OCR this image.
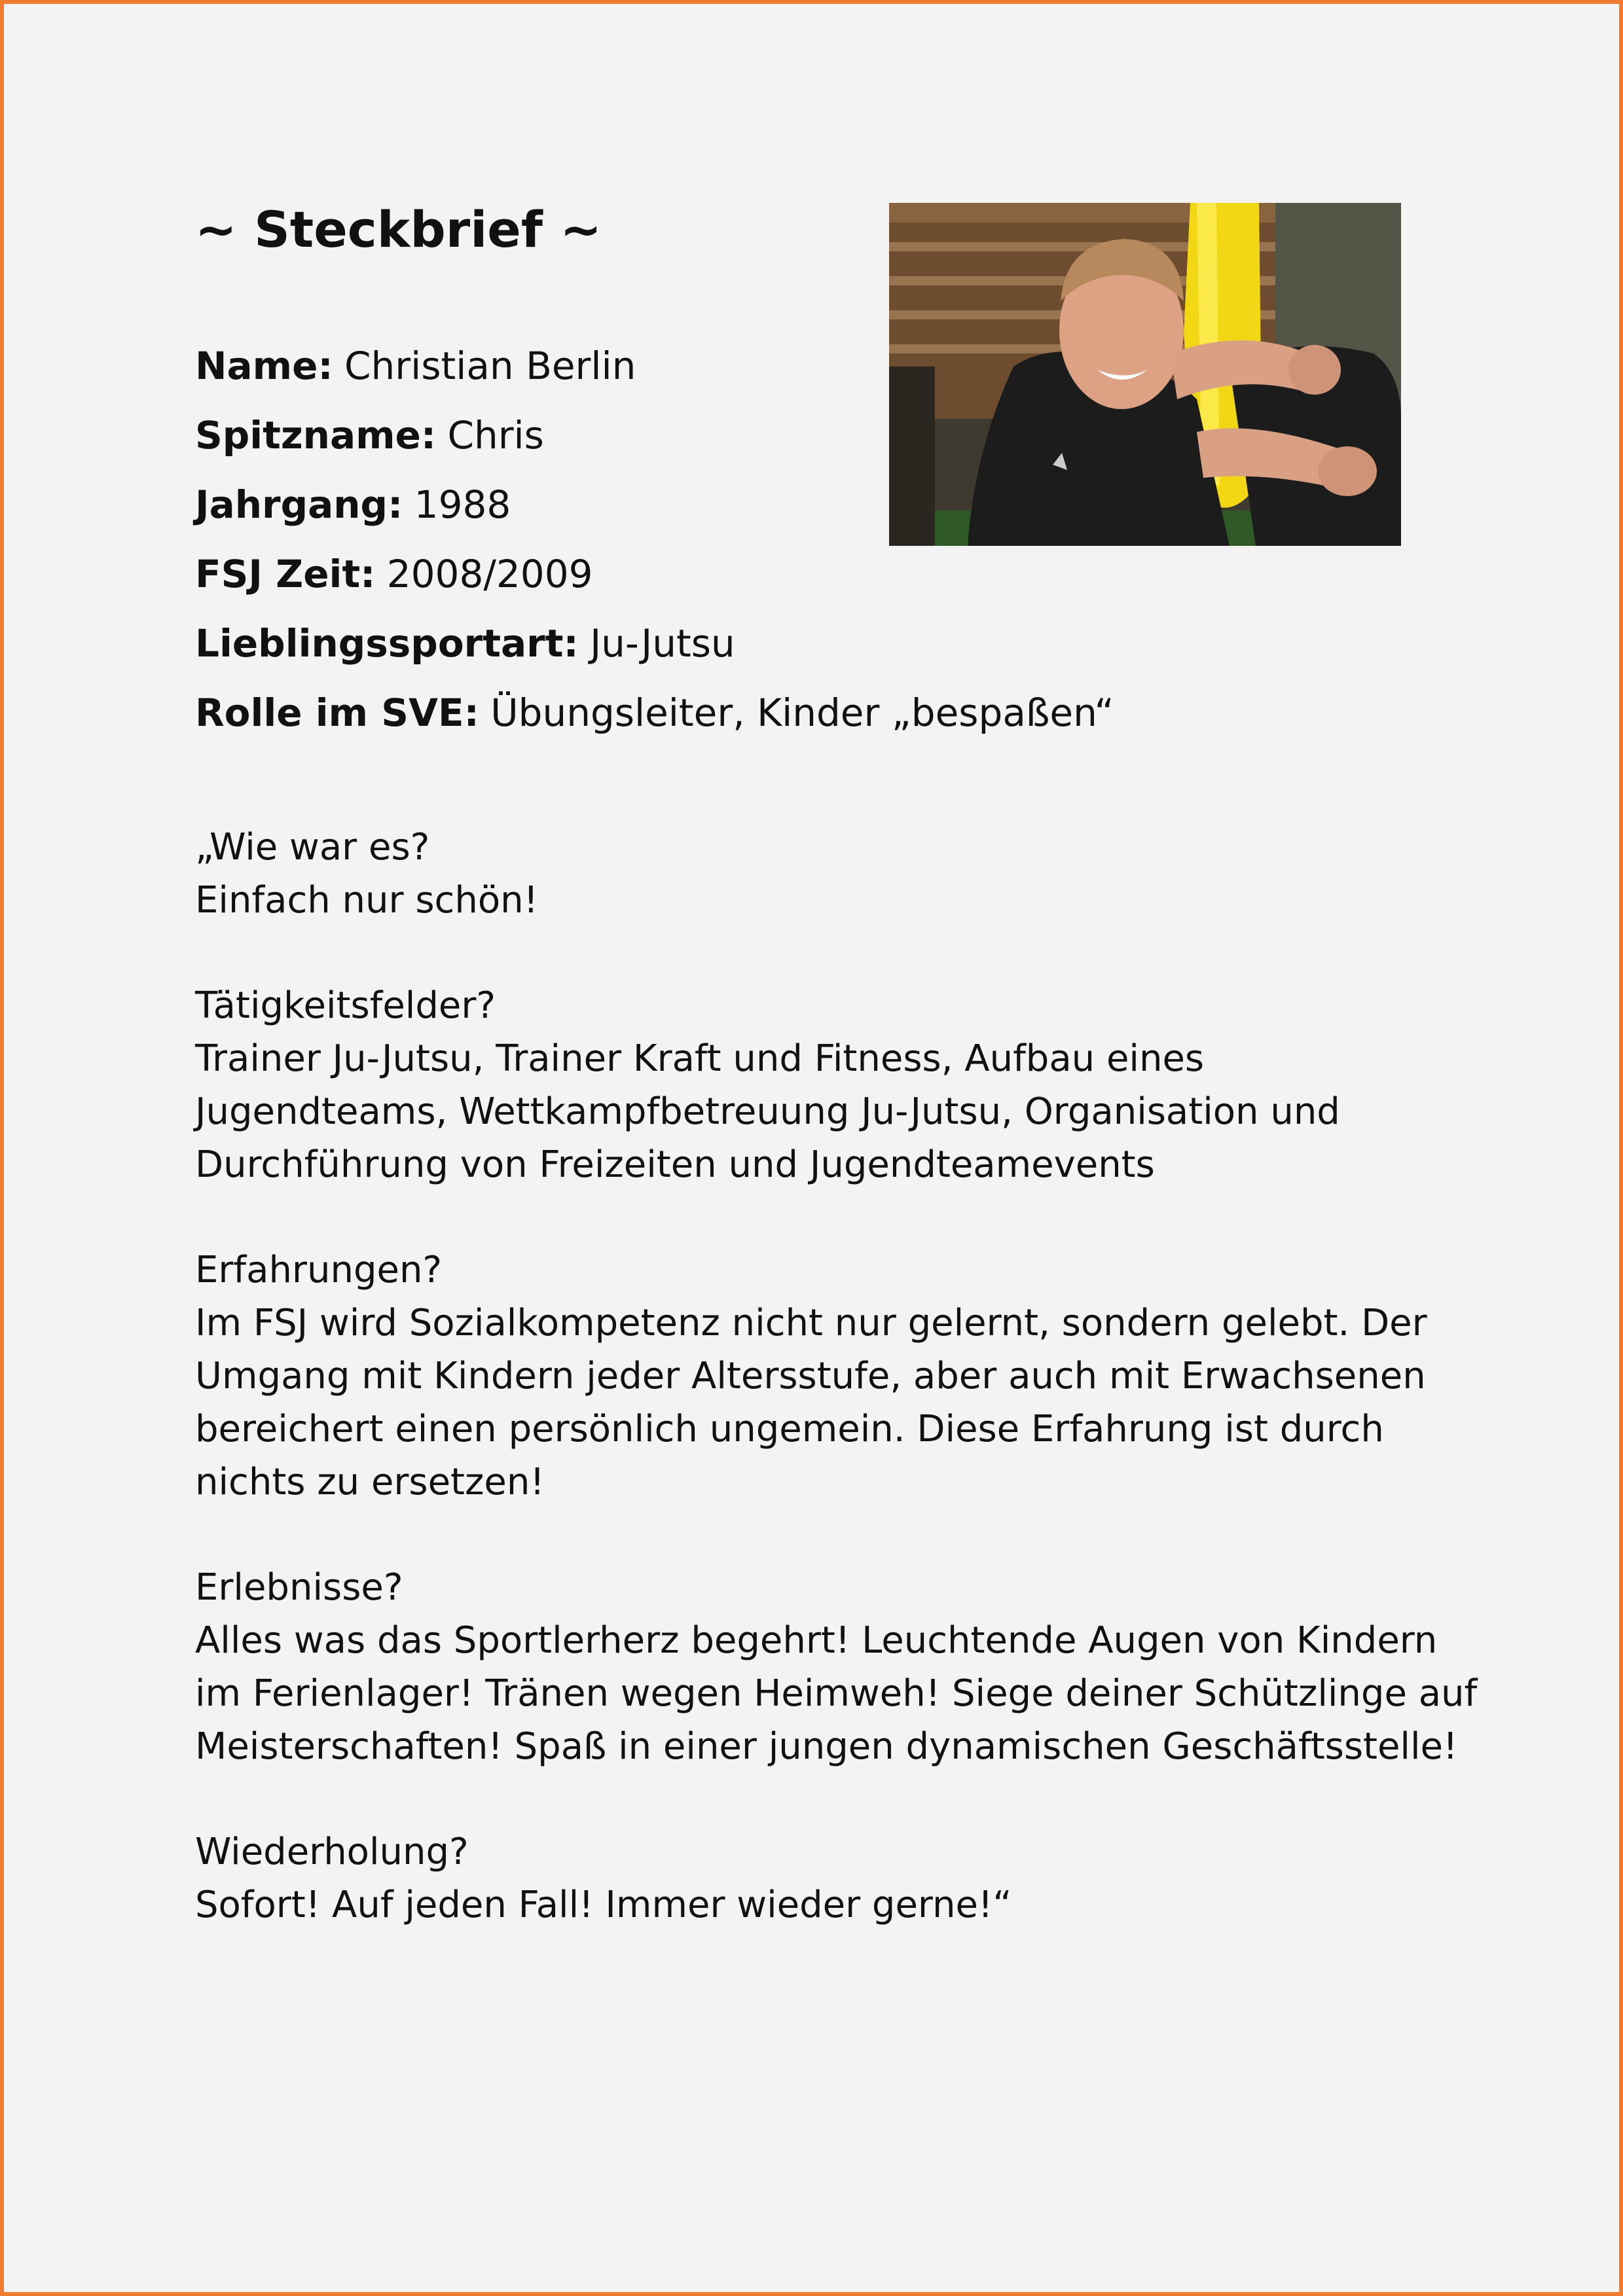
~ Steckbrief ~
Name: Christian Berlin
Spitzname: Chris
Jahrgang: 1988
FSJ Zeit: 2008/2009
Lieblingssportart: Ju-Jutsu
Rolle im SVE: Übungsleiter, Kinder „bespaßen“
„Wie war es?
Einfach nur schön!
Tätigkeitsfelder?
Trainer Ju-Jutsu, Trainer Kraft und Fitness, Aufbau eines
Jugendteams, Wettkampfbetreuung Ju-Jutsu, Organisation und
Durchführung von Freizeiten und Jugendteamevents
Erfahrungen?
Im FSJ wird Sozialkompetenz nicht nur gelernt, sondern gelebt. Der
Umgang mit Kindern jeder Altersstufe, aber auch mit Erwachsenen
bereichert einen persönlich ungemein. Diese Erfahrung ist durch
nichts zu ersetzen!
Erlebnisse?
Alles was das Sportlerherz begehrt! Leuchtende Augen von Kindern
im Ferienlager! Tränen wegen Heimweh! Siege deiner Schützlinge auf
Meisterschaften! Spaß in einer jungen dynamischen Geschäftsstelle!
Wiederholung?
Sofort! Auf jeden Fall! Immer wieder gerne!“
